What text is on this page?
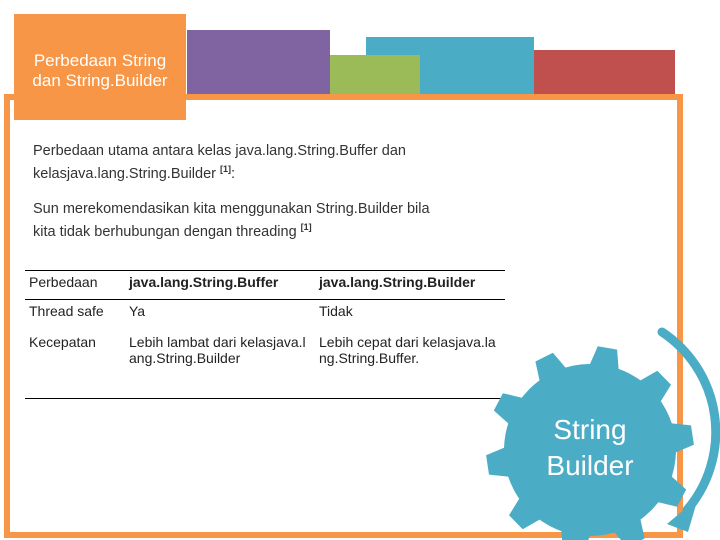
Perbedaan String dan String.Builder
Perbedaan utama antara kelas java.lang.String.Buffer dan
kelasjava.lang.String.Builder [1]:
Sun merekomendasikan kita menggunakan String.Builder bila
kita tidak berhubungan dengan threading [1]
Perbedaan	java.lang.String.Buffer	java.lang.String.Builder
Thread safe	Ya	Tidak
Kecepatan	Lebih lambat dari kelasjava.lang.String.Builder	Lebih cepat dari kelasjava.lang.String.Buffer.
String
Builder
